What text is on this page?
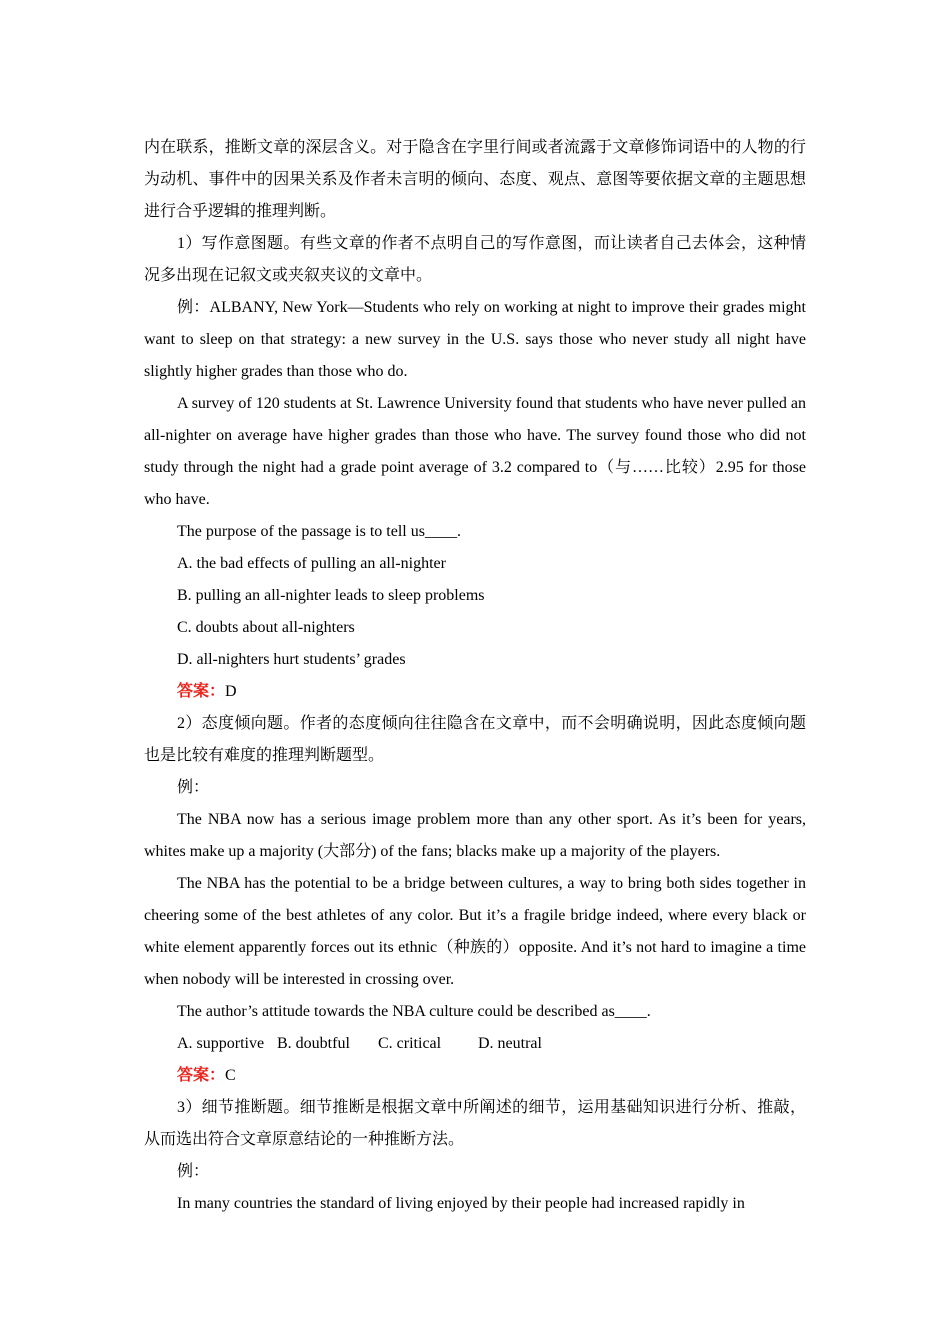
内在联系，推断文章的深层含义。对于隐含在字里行间或者流露于文章修饰词语中的人物的行为动机、事件中的因果关系及作者未言明的倾向、态度、观点、意图等要依据文章的主题思想进行合乎逻辑的推理判断。

1）写作意图题。有些文章的作者不点明自己的写作意图，而让读者自己去体会，这种情况多出现在记叙文或夹叙夹议的文章中。

例：ALBANY, New York—Students who rely on working at night to improve their grades might want to sleep on that strategy: a new survey in the U.S. says those who never study all night have slightly higher grades than those who do.

A survey of 120 students at St. Lawrence University found that students who have never pulled an all-nighter on average have higher grades than those who have. The survey found those who did not study through the night had a grade point average of 3.2 compared to（与……比较）2.95 for those who have.

The purpose of the passage is to tell us____.

A. the bad effects of pulling an all-nighter

B. pulling an all-nighter leads to sleep problems

C. doubts about all-nighters

D. all-nighters hurt students’ grades

答案：D

2）态度倾向题。作者的态度倾向往往隐含在文章中，而不会明确说明，因此态度倾向题也是比较有难度的推理判断题型。

例：

The NBA now has a serious image problem more than any other sport. As it’s been for years, whites make up a majority (大部分) of the fans; blacks make up a majority of the players.

The NBA has the potential to be a bridge between cultures, a way to bring both sides together in cheering some of the best athletes of any color. But it’s a fragile bridge indeed, where every black or white element apparently forces out its ethnic（种族的）opposite. And it’s not hard to imagine a time when nobody will be interested in crossing over.

The author’s attitude towards the NBA culture could be described as____.

A. supportive B. doubtful C. critical D. neutral

答案：C

3）细节推断题。细节推断是根据文章中所阐述的细节，运用基础知识进行分析、推敲，从而选出符合文章原意结论的一种推断方法。

例：

In many countries the standard of living enjoyed by their people had increased rapidly in
